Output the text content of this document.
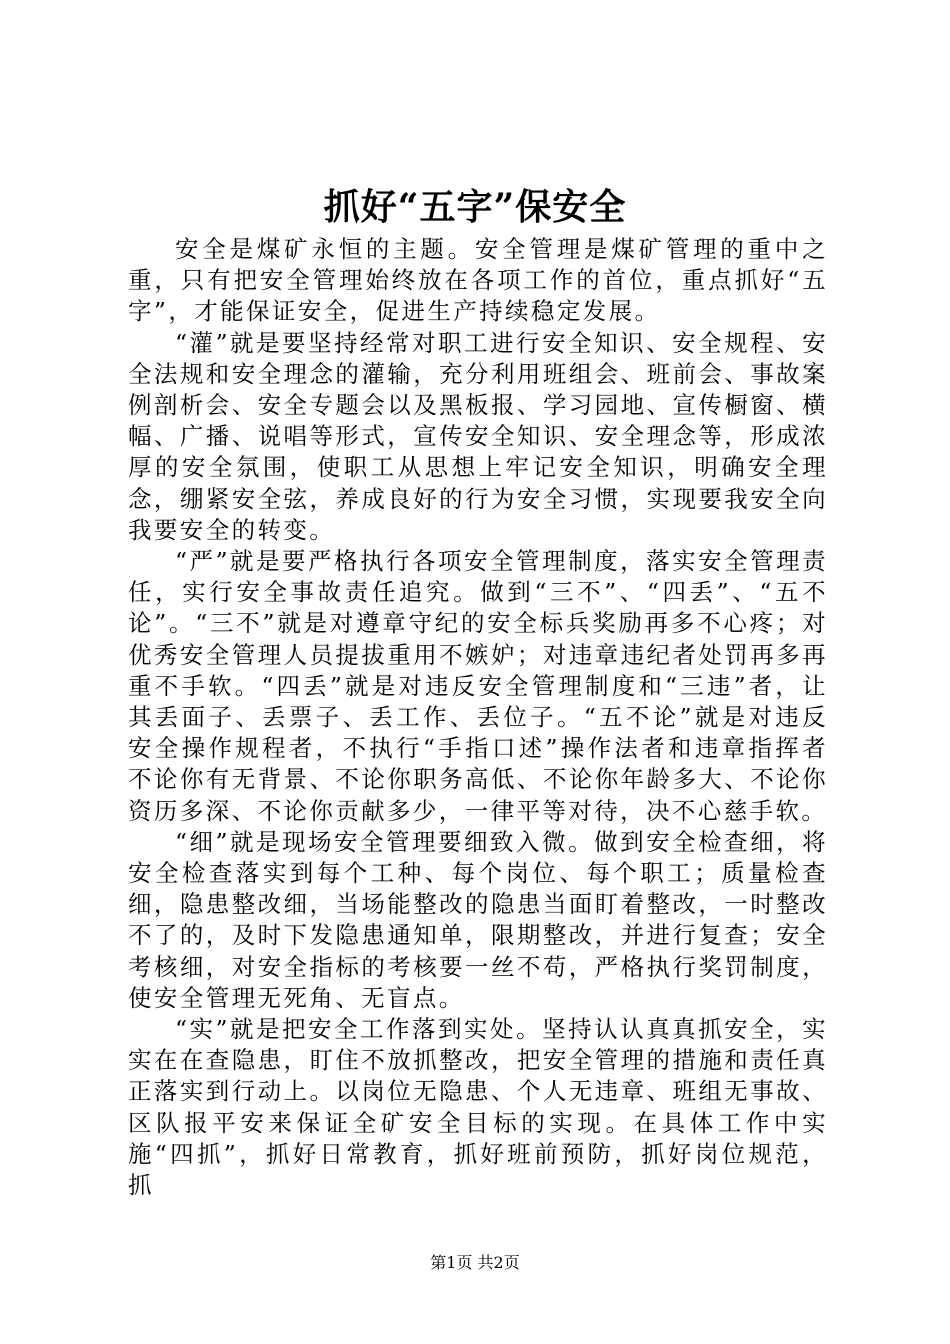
抓好“五字”保安全

安全是煤矿永恒的主题。安全管理是煤矿管理的重中之重，只有把安全管理始终放在各项工作的首位，重点抓好“五字”，才能保证安全，促进生产持续稳定发展。

“灌”就是要坚持经常对职工进行安全知识、安全规程、安全法规和安全理念的灌输，充分利用班组会、班前会、事故案例剖析会、安全专题会以及黑板报、学习园地、宣传橱窗、横幅、广播、说唱等形式，宣传安全知识、安全理念等，形成浓厚的安全氛围，使职工从思想上牢记安全知识，明确安全理念，绷紧安全弦，养成良好的行为安全习惯，实现要我安全向我要安全的转变。

“严”就是要严格执行各项安全管理制度，落实安全管理责任，实行安全事故责任追究。做到“三不”、“四丢”、“五不论”。“三不”就是对遵章守纪的安全标兵奖励再多不心疼；对优秀安全管理人员提拔重用不嫉妒；对违章违纪者处罚再多再重不手软。“四丢”就是对违反安全管理制度和“三违”者，让其丢面子、丢票子、丢工作、丢位子。“五不论”就是对违反安全操作规程者，不执行“手指口述”操作法者和违章指挥者不论你有无背景、不论你职务高低、不论你年龄多大、不论你资历多深、不论你贡献多少，一律平等对待，决不心慈手软。

“细”就是现场安全管理要细致入微。做到安全检查细，将安全检查落实到每个工种、每个岗位、每个职工；质量检查细，隐患整改细，当场能整改的隐患当面盯着整改，一时整改不了的，及时下发隐患通知单，限期整改，并进行复查；安全考核细，对安全指标的考核要一丝不苟，严格执行奖罚制度，使安全管理无死角、无盲点。

“实”就是把安全工作落到实处。坚持认认真真抓安全，实实在在查隐患，盯住不放抓整改，把安全管理的措施和责任真正落实到行动上。以岗位无隐患、个人无违章、班组无事故、区队报平安来保证全矿安全目标的实现。在具体工作中实施“四抓”，抓好日常教育，抓好班前预防，抓好岗位规范，抓

第1页 共2页
